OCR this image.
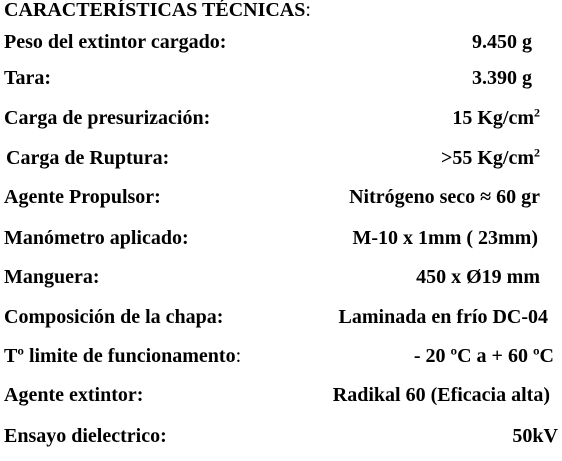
CARACTERÍSTICAS TÉCNICAS:
Peso del extintor cargado:	9.450 g
Tara:	3.390 g
Carga de presurización:	15 $Kg/cm^2$
Carga de Ruptura:	>55 $Kg/cm^2$
Agente Propulsor:	Nitrógeno seco ≈ 60 gr
Manómetro aplicado:	M-10 x 1mm ( 23mm)
Manguera:	450 x Ø19 mm
Composición de la chapa:	Laminada en frío DC-04
Tº limite de funcionamento:	- 20 ºC a + 60 ºC
Agente extintor:	Radikal 60 (Eficacia alta)
Ensayo dielectrico:	50kV
